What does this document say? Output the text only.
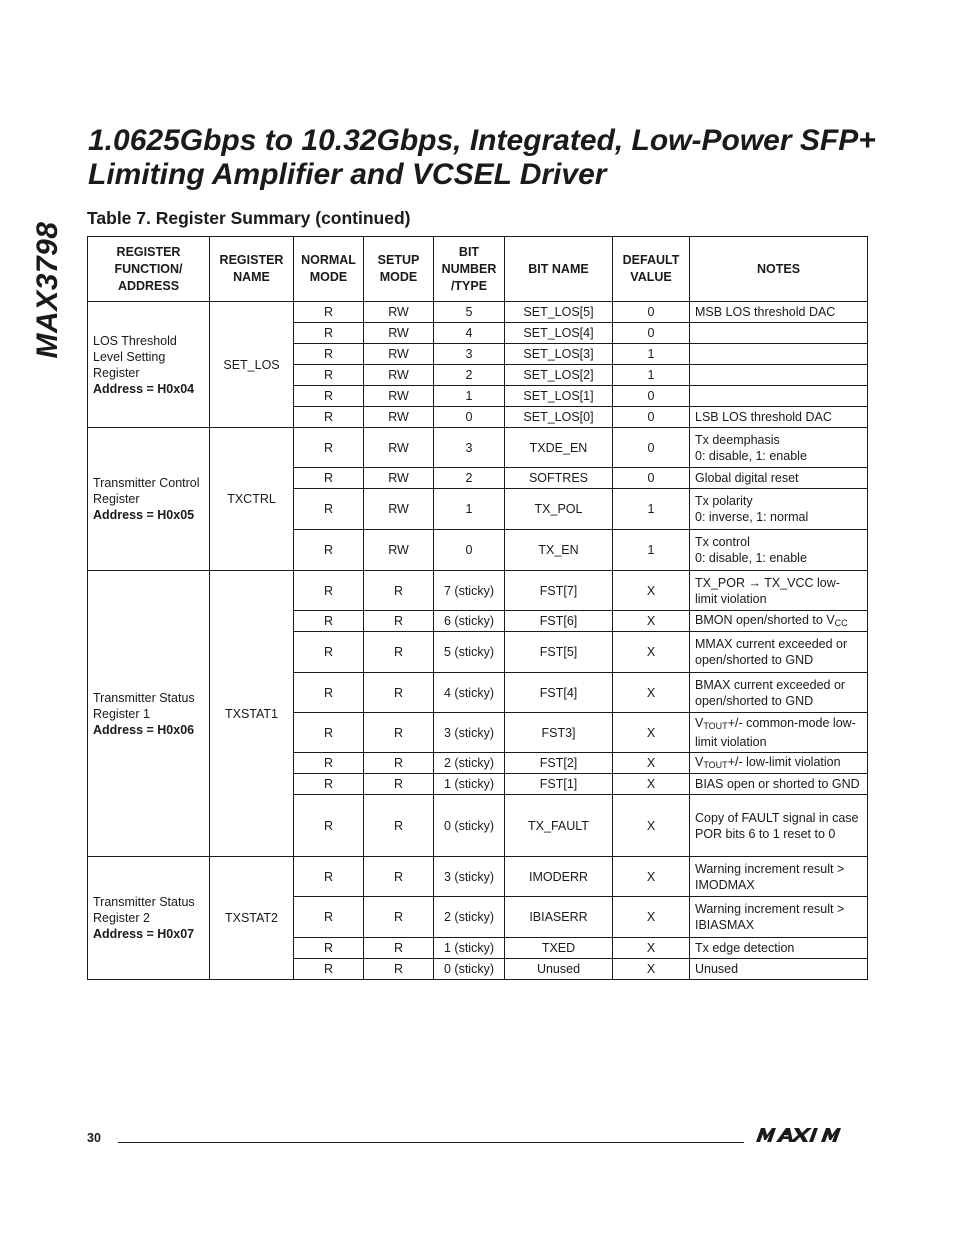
MAX3798
1.0625Gbps to 10.32Gbps, Integrated, Low-Power SFP+ Limiting Amplifier and VCSEL Driver
Table 7. Register Summary (continued)
REGISTER FUNCTION/ ADDRESS	REGISTER NAME	NORMAL MODE	SETUP MODE	BIT NUMBER /TYPE	BIT NAME	DEFAULT VALUE	NOTES

LOS Threshold Level Setting Register
Address = H0x04	SET_LOS	R	RW	5	SET_LOS[5]	0	MSB LOS threshold DAC
		R	RW	4	SET_LOS[4]	0	
		R	RW	3	SET_LOS[3]	1	
		R	RW	2	SET_LOS[2]	1	
		R	RW	1	SET_LOS[1]	0	
		R	RW	0	SET_LOS[0]	0	LSB LOS threshold DAC

Transmitter Control Register
Address = H0x05	TXCTRL	R	RW	3	TXDE_EN	0	Tx deemphasis
0: disable, 1: enable
		R	RW	2	SOFTRES	0	Global digital reset
		R	RW	1	TX_POL	1	Tx polarity
0: inverse, 1: normal
		R	RW	0	TX_EN	1	Tx control
0: disable, 1: enable

Transmitter Status Register 1
Address = H0x06	TXSTAT1	R	R	7 (sticky)	FST[7]	X	TX_POR → TX_VCC low-limit violation
		R	R	6 (sticky)	FST[6]	X	BMON open/shorted to $V_{CC}$
		R	R	5 (sticky)	FST[5]	X	MMAX current exceeded or open/shorted to GND
		R	R	4 (sticky)	FST[4]	X	BMAX current exceeded or open/shorted to GND
		R	R	3 (sticky)	FST3]	X	$V_{TOUT}+/-$ common-mode low-limit violation
		R	R	2 (sticky)	FST[2]	X	$V_{TOUT}+/-$ low-limit violation
		R	R	1 (sticky)	FST[1]	X	BIAS open or shorted to GND
		R	R	0 (sticky)	TX_FAULT	X	Copy of FAULT signal in case POR bits 6 to 1 reset to 0

Transmitter Status Register 2
Address = H0x07	TXSTAT2	R	R	3 (sticky)	IMODERR	X	Warning increment result > IMODMAX
		R	R	2 (sticky)	IBIASERR	X	Warning increment result > IBIASMAX
		R	R	1 (sticky)	TXED	X	Tx edge detection
		R	R	0 (sticky)	Unused	X	Unused
30
